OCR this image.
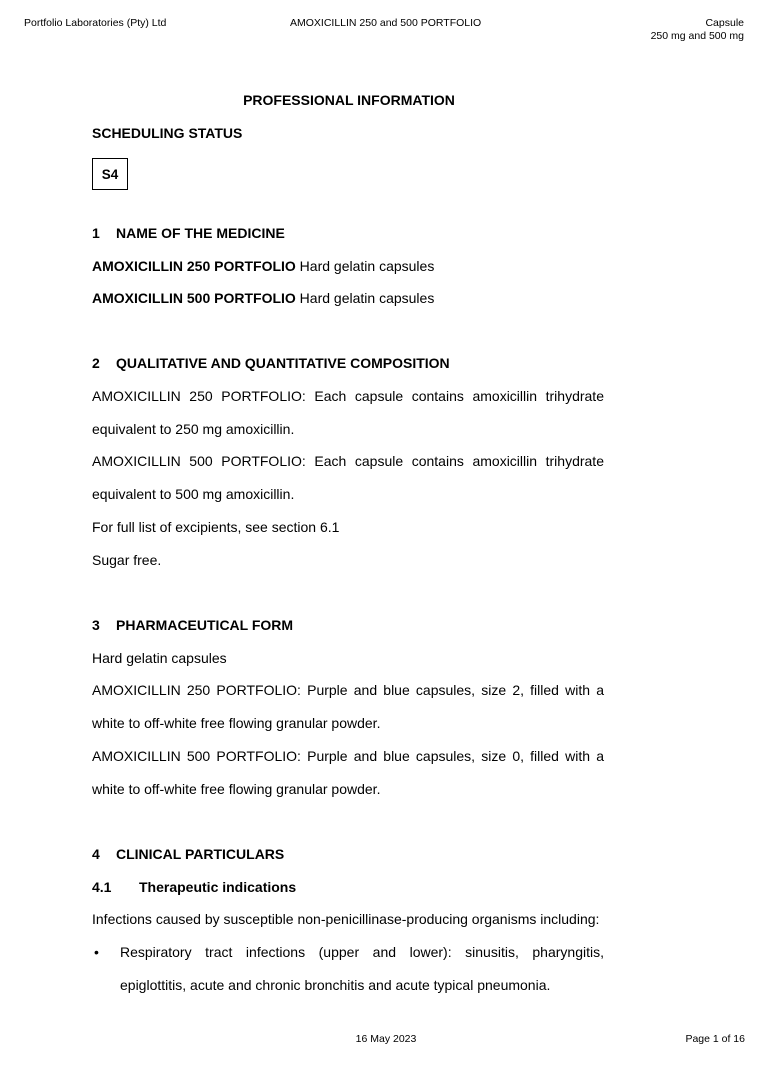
Portfolio Laboratories (Pty) Ltd	AMOXICILLIN 250 and 500 PORTFOLIO	Capsule
250 mg and 500 mg
PROFESSIONAL INFORMATION
SCHEDULING STATUS
S4
1 NAME OF THE MEDICINE
AMOXICILLIN 250 PORTFOLIO Hard gelatin capsules
AMOXICILLIN 500 PORTFOLIO Hard gelatin capsules
2 QUALITATIVE AND QUANTITATIVE COMPOSITION
AMOXICILLIN 250 PORTFOLIO: Each capsule contains amoxicillin trihydrate
equivalent to 250 mg amoxicillin.
AMOXICILLIN 500 PORTFOLIO: Each capsule contains amoxicillin trihydrate
equivalent to 500 mg amoxicillin.
For full list of excipients, see section 6.1
Sugar free.
3 PHARMACEUTICAL FORM
Hard gelatin capsules
AMOXICILLIN 250 PORTFOLIO: Purple and blue capsules, size 2, filled with a
white to off-white free flowing granular powder.
AMOXICILLIN 500 PORTFOLIO: Purple and blue capsules, size 0, filled with a
white to off-white free flowing granular powder.
4 CLINICAL PARTICULARS
4.1 Therapeutic indications
Infections caused by susceptible non-penicillinase-producing organisms including:
• Respiratory tract infections (upper and lower): sinusitis, pharyngitis,
epiglottitis, acute and chronic bronchitis and acute typical pneumonia.
16 May 2023	Page 1 of 16
